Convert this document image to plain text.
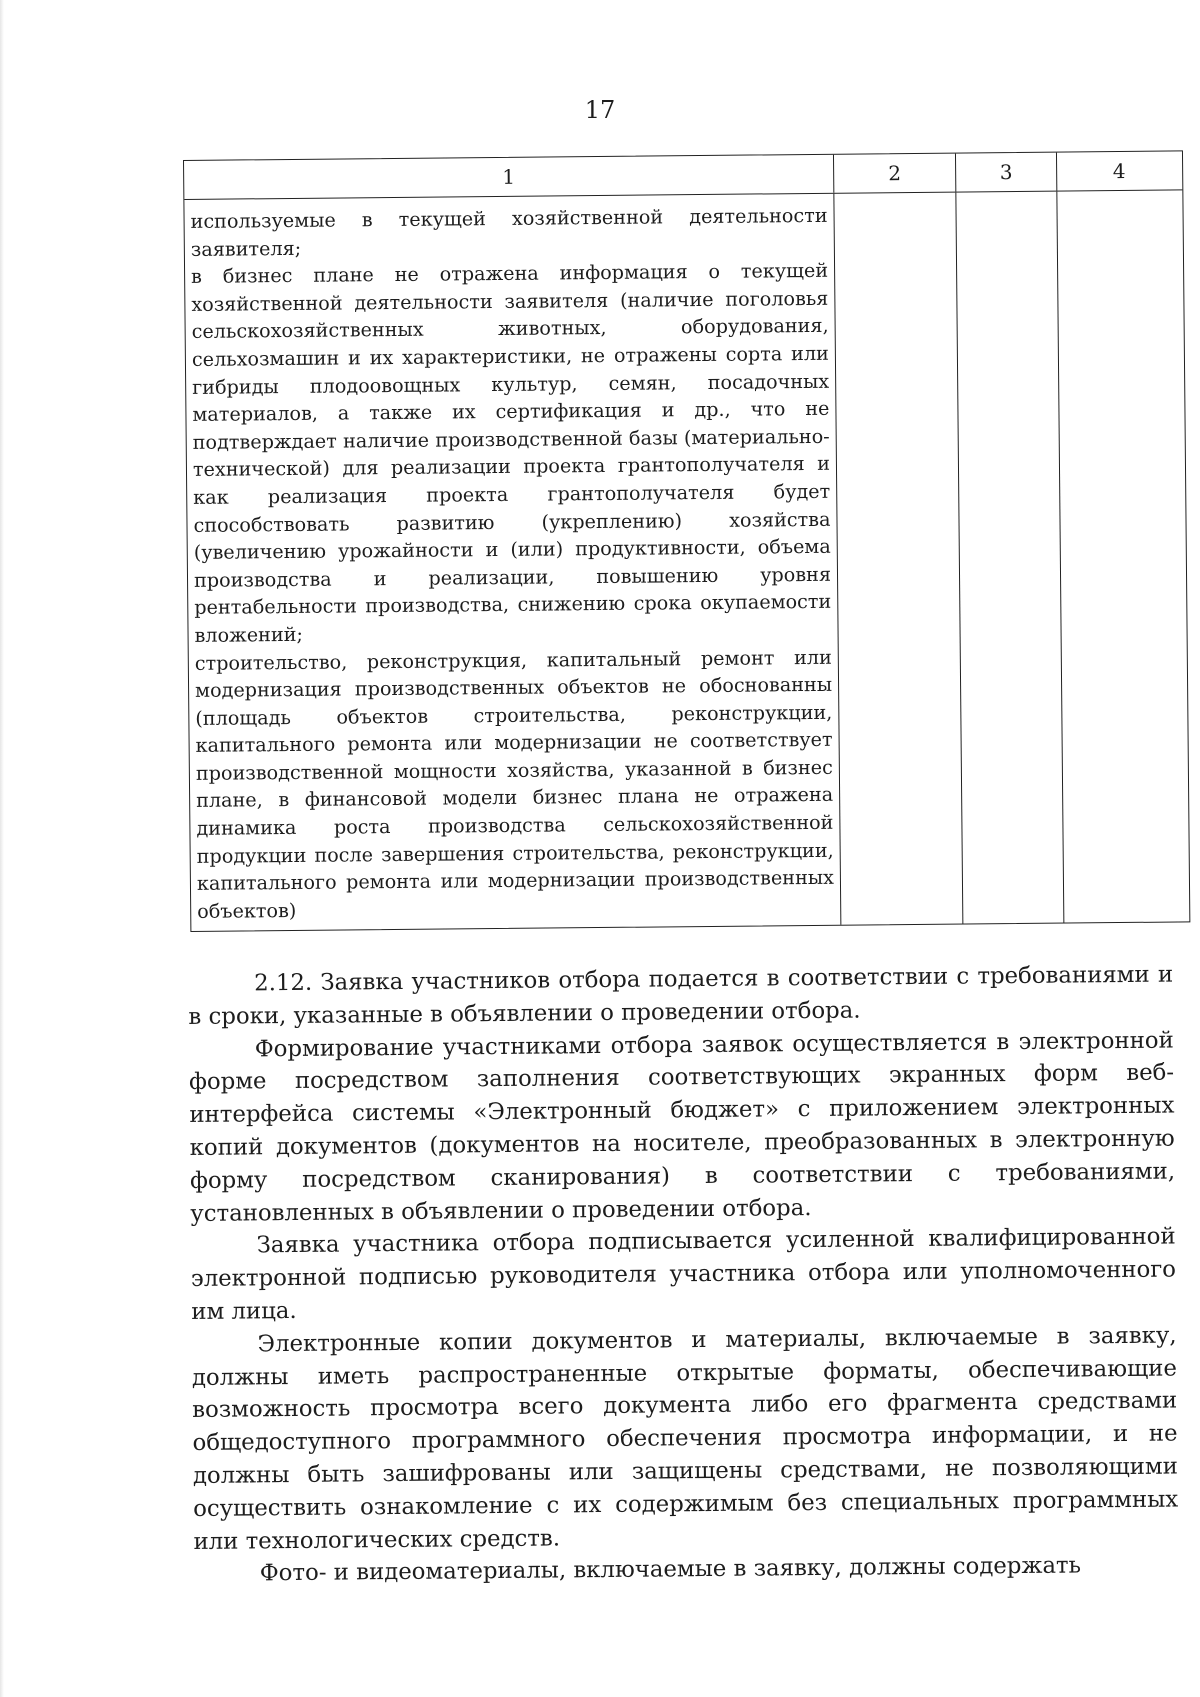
17
1	2	3	4

используемые в текущей хозяйственной деятельности заявителя;

в бизнес плане не отражена информация о текущей хозяйственной деятельности заявителя (наличие поголовья сельскохозяйственных животных, оборудования, сельхозмашин и их характеристики, не отражены сорта или гибриды плодоовощных культур, семян, посадочных материалов, а также их сертификация и др., что не подтверждает наличие производственной базы (материально-технической) для реализации проекта грантополучателя и как реализация проекта грантополучателя будет способствовать развитию (укреплению) хозяйства (увеличению урожайности и (или) продуктивности, объема производства и реализации, повышению уровня рентабельности производства, снижению срока окупаемости вложений;

строительство, реконструкция, капитальный ремонт или модернизация производственных объектов не обоснованны (площадь объектов строительства, реконструкции, капитального ремонта или модернизации не соответствует производственной мощности хозяйства, указанной в бизнес плане, в финансовой модели бизнес плана не отражена динамика роста производства сельскохозяйственной продукции после завершения строительства, реконструкции, капитального ремонта или модернизации производственных объектов)

2.12. Заявка участников отбора подается в соответствии с требованиями и в сроки, указанные в объявлении о проведении отбора.

Формирование участниками отбора заявок осуществляется в электронной форме посредством заполнения соответствующих экранных форм веб-интерфейса системы «Электронный бюджет» с приложением электронных копий документов (документов на носителе, преобразованных в электронную форму посредством сканирования) в соответствии с требованиями, установленных в объявлении о проведении отбора.

Заявка участника отбора подписывается усиленной квалифицированной электронной подписью руководителя участника отбора или уполномоченного им лица.

Электронные копии документов и материалы, включаемые в заявку, должны иметь распространенные открытые форматы, обеспечивающие возможность просмотра всего документа либо его фрагмента средствами общедоступного программного обеспечения просмотра информации, и не должны быть зашифрованы или защищены средствами, не позволяющими осуществить ознакомление с их содержимым без специальных программных или технологических средств.

Фото- и видеоматериалы, включаемые в заявку, должны содержать
